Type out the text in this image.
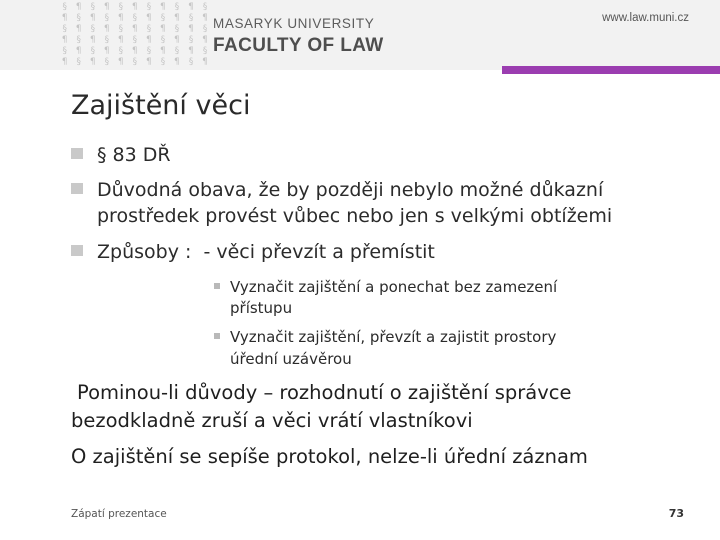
§ ¶ § ¶ § ¶ § ¶ § ¶ §
¶ § ¶ § ¶ § ¶ § ¶ § ¶
§ ¶ § ¶ § ¶ § ¶ § ¶ §
¶ § ¶ § ¶ § ¶ § ¶ § ¶
§ ¶ § ¶ § ¶ § ¶ § ¶ §
¶ § ¶ § ¶ § ¶ § ¶ § ¶
MASARYK UNIVERSITY
FACULTY OF LAW
www.law.muni.cz
Zajištění věci
§ 83 DŘ
Důvodná obava, že by později nebylo možné důkazní
prostředek provést vůbec nebo jen s velkými obtížemi
Způsoby :  - věci převzít a přemístit
Vyznačit zajištění a ponechat bez zamezení
přístupu
Vyznačit zajištění, převzít a zajistit prostory
úřední uzávěrou
Pominou-li důvody – rozhodnutí o zajištění správce
bezodkladně zruší a věci vrátí vlastníkovi
O zajištění se sepíše protokol, nelze-li úřední záznam
Zápatí prezentace	73
